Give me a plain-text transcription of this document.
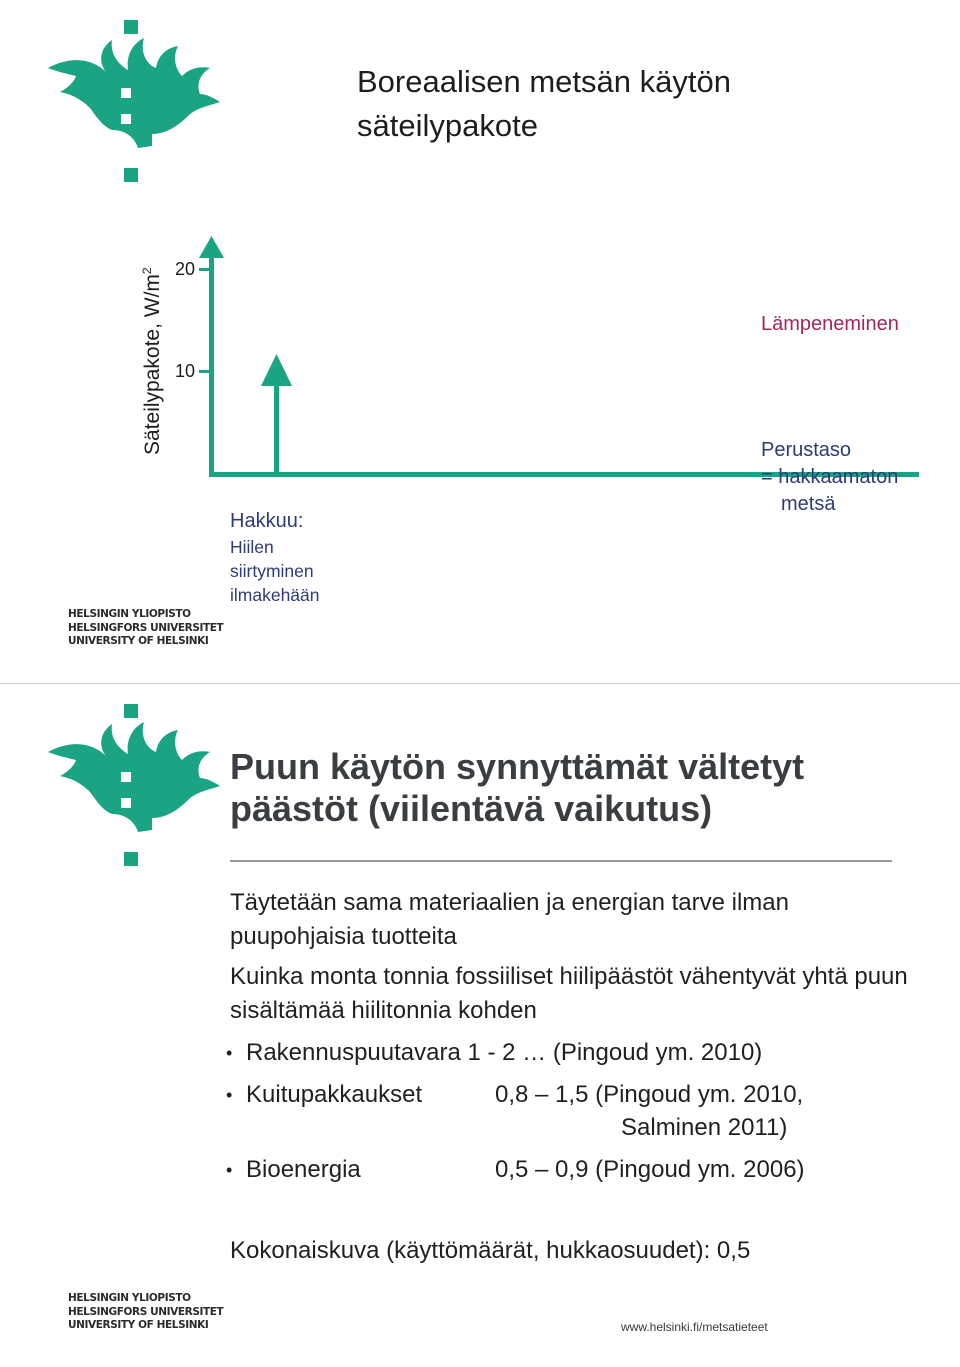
Boreaalisen metsän käytön säteilypakote
Säteilypakote, $W/m^2$	20
10
Lämpeneminen
Perustaso
= hakkaamaton
metsä
Hakkuu:
Hiilen
siirtyminen
ilmakehään
HELSINGIN YLIOPISTO
HELSINGFORS UNIVERSITET
UNIVERSITY OF HELSINKI
Puun käytön synnyttämät vältetyt päästöt (viilentävä vaikutus)
Täytetään sama materiaalien ja energian tarve ilman puupohjaisia tuotteita
Kuinka monta tonnia fossiiliset hiilipäästöt vähentyvät yhtä puun sisältämää hiilitonnia kohden
• Rakennuspuutavara 1 - 2 … (Pingoud ym. 2010)
• Kuitupakkaukset	0,8 – 1,5 (Pingoud ym. 2010,
Salminen 2011)
• Bioenergia	0,5 – 0,9 (Pingoud ym. 2006)
Kokonaiskuva (käyttömäärät, hukkaosuudet): 0,5
HELSINGIN YLIOPISTO
HELSINGFORS UNIVERSITET
UNIVERSITY OF HELSINKI	www.helsinki.fi/metsatieteet
